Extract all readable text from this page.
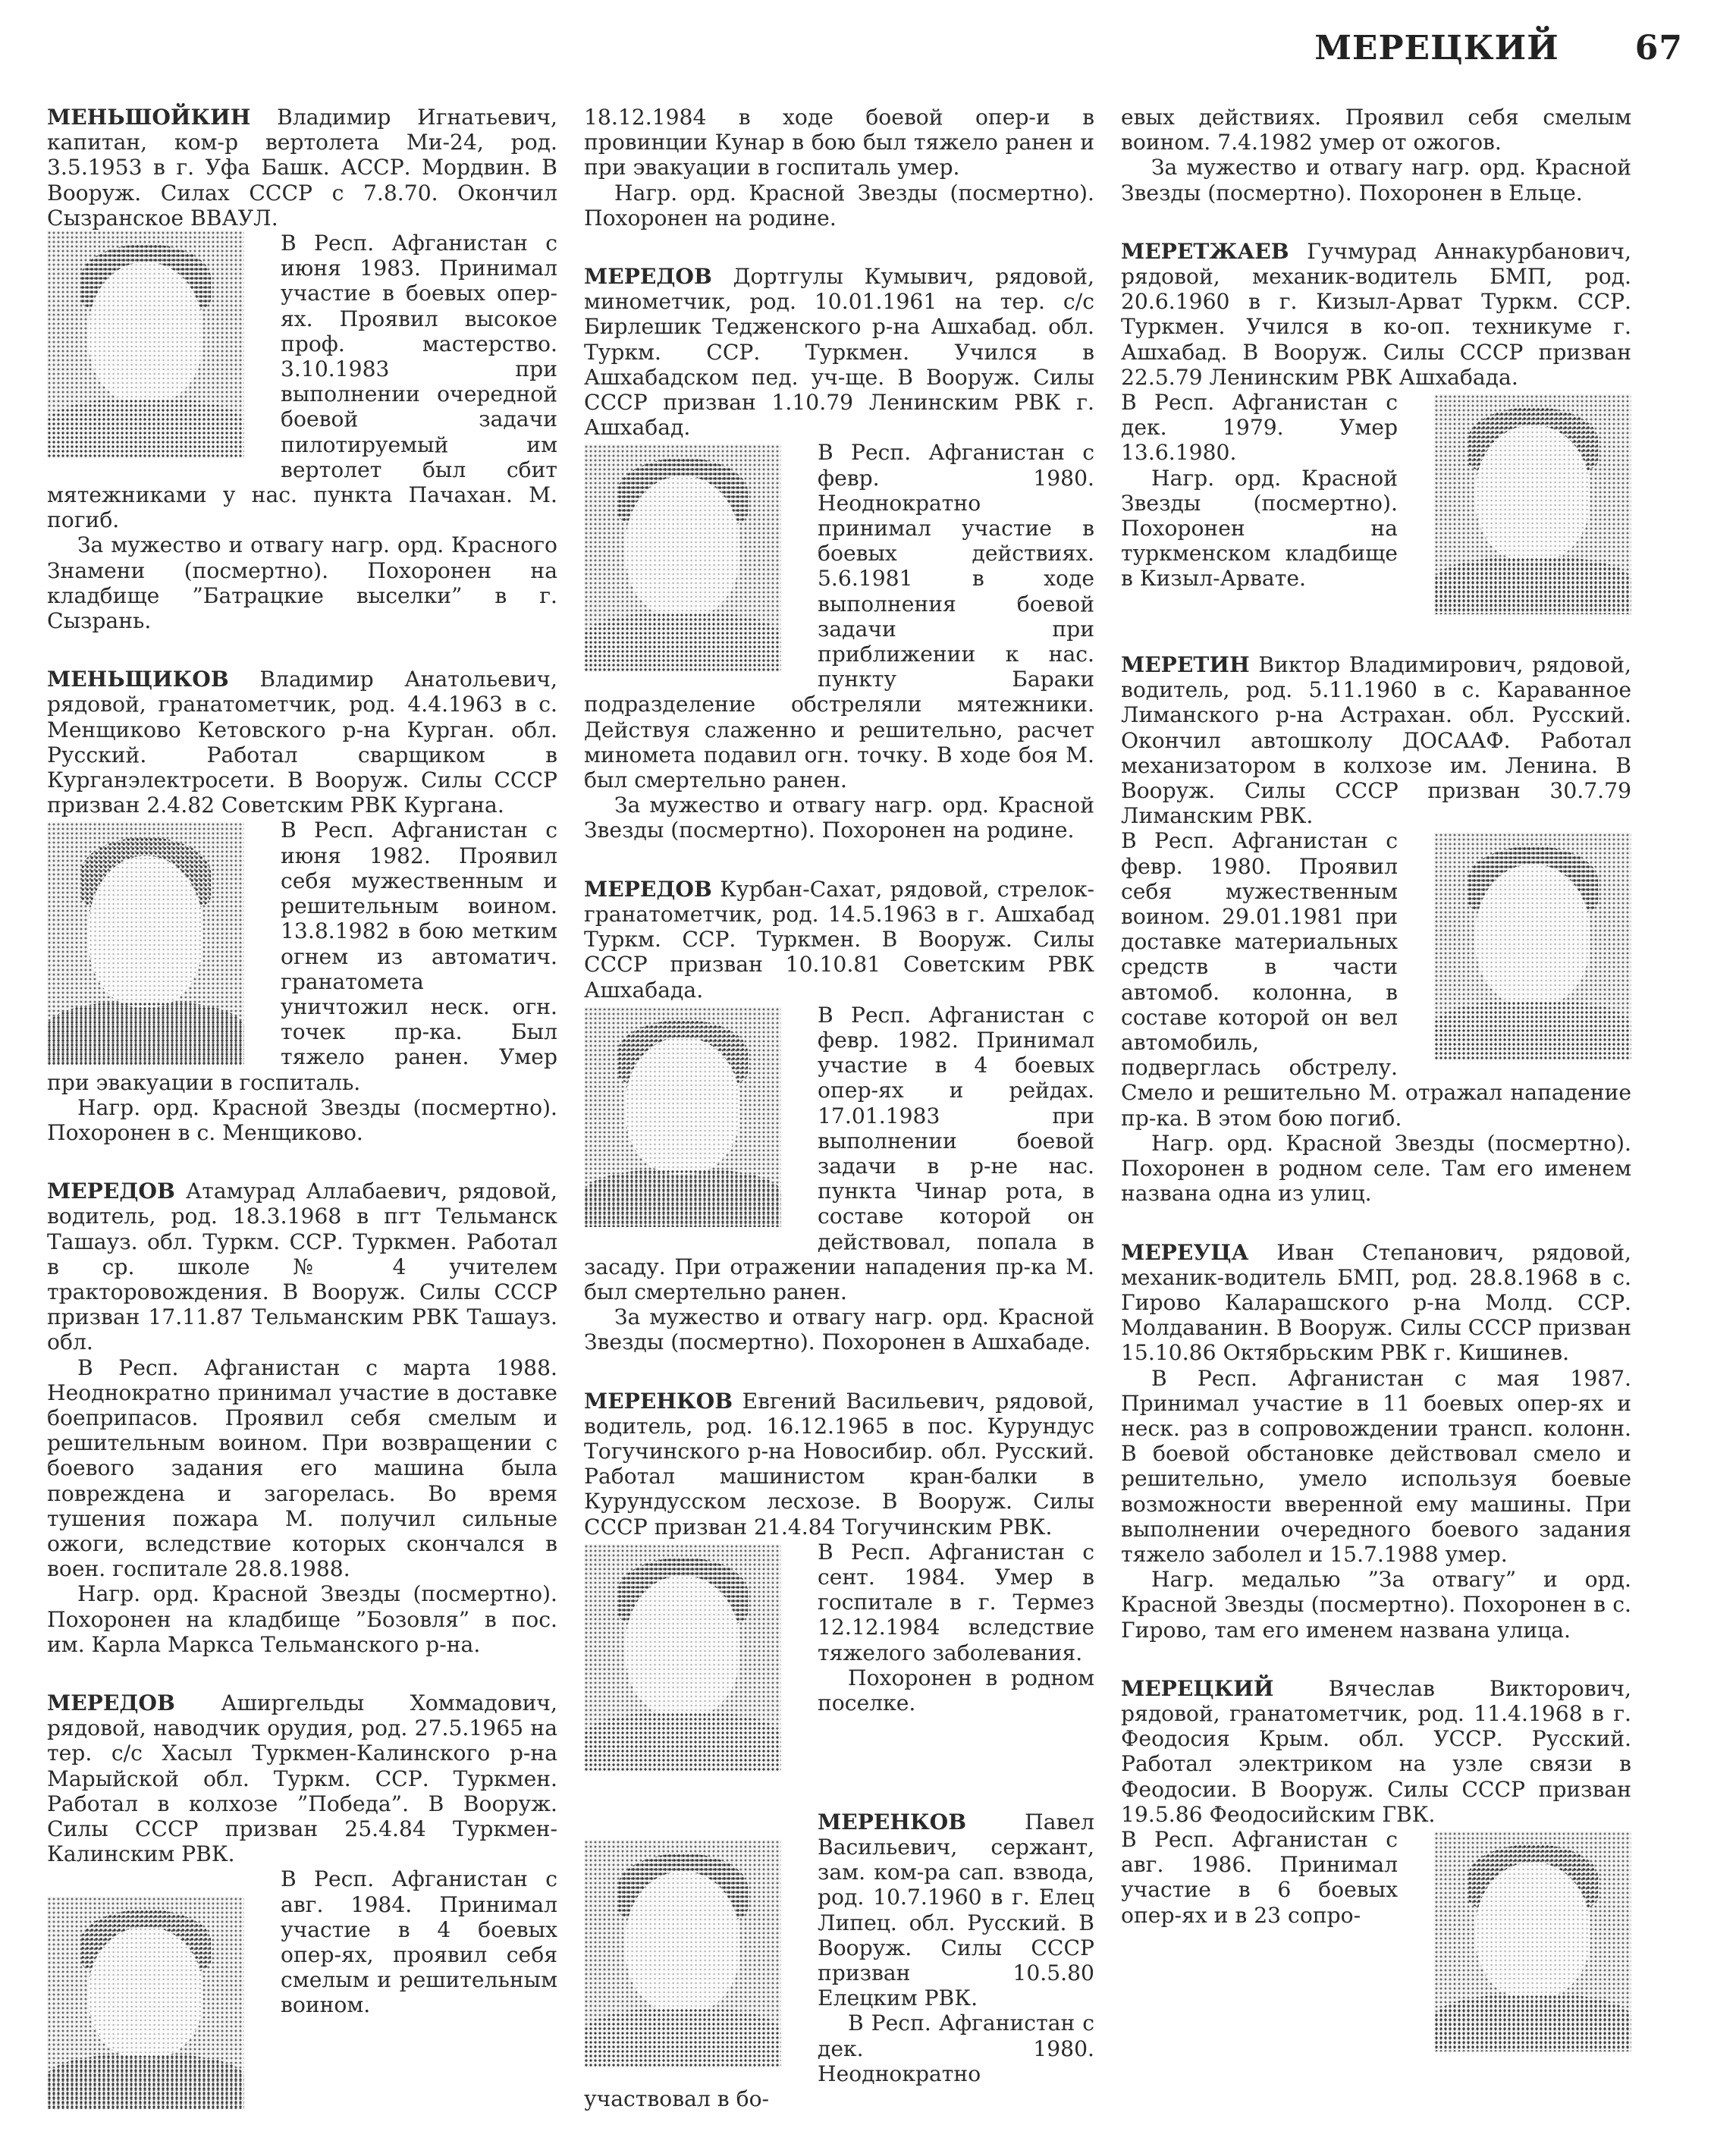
МЕРЕЦКИЙ 67

МЕНЬШОЙКИН Владимир Игнатьевич, капитан, ком-р вертолета Ми-24, род. 3.5.1953 в г. Уфа Башк. АССР. Мордвин. В Вооруж. Силах СССР с 7.8.70. Окончил Сызранское ВВАУЛ.

В Респ. Афганистан с июня 1983. Принимал участие в боевых опер-ях. Проявил высокое проф. мастерство. 3.10.1983 при выполнении очередной боевой задачи пилотируемый им вертолет был сбит мятежниками у нас. пункта Пачахан. М. погиб.

За мужество и отвагу нагр. орд. Красного Знамени (посмертно). Похоронен на кладбище ”Батрацкие выселки” в г. Сызрань.

МЕНЬЩИКОВ Владимир Анатольевич, рядовой, гранатометчик, род. 4.4.1963 в с. Менщиково Кетовского р-на Курган. обл. Русский. Работал сварщиком в Курганэлектросети. В Вооруж. Силы СССР призван 2.4.82 Советским РВК Кургана.

В Респ. Афганистан с июня 1982. Проявил себя мужественным и решительным воином. 13.8.1982 в бою метким огнем из автоматич. гранатомета уничтожил неск. огн. точек пр-ка. Был тяжело ранен. Умер при эвакуации в госпиталь.

Нагр. орд. Красной Звезды (посмертно). Похоронен в с. Менщиково.

МЕРЕДОВ Атамурад Аллабаевич, рядовой, водитель, род. 18.3.1968 в пгт Тельманск Ташауз. обл. Туркм. ССР. Туркмен. Работал в ср. школе № 4 учителем тракторовождения. В Вооруж. Силы СССР призван 17.11.87 Тельманским РВК Ташауз. обл.

В Респ. Афганистан с марта 1988. Неоднократно принимал участие в доставке боеприпасов. Проявил себя смелым и решительным воином. При возвращении с боевого задания его машина была повреждена и загорелась. Во время тушения пожара М. получил сильные ожоги, вследствие которых скончался в воен. госпитале 28.8.1988.

Нагр. орд. Красной Звезды (посмертно). Похоронен на кладбище ”Бозовля” в пос. им. Карла Маркса Тельманского р-на.

МЕРЕДОВ Аширгельды Хоммадович, рядовой, наводчик орудия, род. 27.5.1965 на тер. с/с Хасыл Туркмен-Калинского р-на Марыйской обл. Туркм. ССР. Туркмен. Работал в колхозе ”Победа”. В Вооруж. Силы СССР призван 25.4.84 Туркмен-Калинским РВК.

В Респ. Афганистан с авг. 1984. Принимал участие в 4 боевых опер-ях, проявил себя смелым и решительным воином.

18.12.1984 в ходе боевой опер-и в провинции Кунар в бою был тяжело ранен и при эвакуации в госпиталь умер.

Нагр. орд. Красной Звезды (посмертно). Похоронен на родине.

МЕРЕДОВ Дортгулы Кумывич, рядовой, минометчик, род. 10.01.1961 на тер. с/с Бирлешик Тедженского р-на Ашхабад. обл. Туркм. ССР. Туркмен. Учился в Ашхабадском пед. уч-ще. В Вооруж. Силы СССР призван 1.10.79 Ленинским РВК г. Ашхабад.

В Респ. Афганистан с февр. 1980. Неоднократно принимал участие в боевых действиях. 5.6.1981 в ходе выполнения боевой задачи при приближении к нас. пункту Бараки подразделение обстреляли мятежники. Действуя слаженно и решительно, расчет миномета подавил огн. точку. В ходе боя М. был смертельно ранен.

За мужество и отвагу нагр. орд. Красной Звезды (посмертно). Похоронен на родине.

МЕРЕДОВ Курбан-Сахат, рядовой, стрелок-гранатометчик, род. 14.5.1963 в г. Ашхабад Туркм. ССР. Туркмен. В Вооруж. Силы СССР призван 10.10.81 Советским РВК Ашхабада.

В Респ. Афганистан с февр. 1982. Принимал участие в 4 боевых опер-ях и рейдах. 17.01.1983 при выполнении боевой задачи в р-не нас. пункта Чинар рота, в составе которой он действовал, попала в засаду. При отражении нападения пр-ка М. был смертельно ранен.

За мужество и отвагу нагр. орд. Красной Звезды (посмертно). Похоронен в Ашхабаде.

МЕРЕНКОВ Евгений Васильевич, рядовой, водитель, род. 16.12.1965 в пос. Курундус Тогучинского р-на Новосибир. обл. Русский. Работал машинистом кран-балки в Курундусском лесхозе. В Вооруж. Силы СССР призван 21.4.84 Тогучинским РВК.

В Респ. Афганистан с сент. 1984. Умер в госпитале в г. Термез 12.12.1984 вследствие тяжелого заболевания.

Похоронен в родном поселке.

МЕРЕНКОВ	Павел Васильевич, сержант, зам. ком-ра сап. взвода, род. 10.7.1960 в г. Елец Липец. обл. Русский. В Вооруж. Силы СССР призван 10.5.80 Елецким РВК.

В Респ. Афганистан с дек. 1980. Неоднократно участвовал в бо-

евых действиях. Проявил себя смелым воином. 7.4.1982 умер от ожогов.

За мужество и отвагу нагр. орд. Красной Звезды (посмертно). Похоронен в Ельце.

МЕРЕТЖАЕВ Гучмурад Аннакурбанович, рядовой, механик-водитель БМП, род. 20.6.1960 в г. Кизыл-Арват Туркм. ССР. Туркмен. Учился в ко-оп. техникуме г. Ашхабад. В Вооруж. Силы СССР призван 22.5.79 Ленинским РВК Ашхабада.

В Респ. Афганистан с дек. 1979. Умер 13.6.1980.

Нагр. орд. Красной Звезды (посмертно). Похоронен на туркменском кладбище в Кизыл-Арвате.

МЕРЕТИН Виктор Владимирович, рядовой, водитель, род. 5.11.1960 в с. Караванное Лиманского р-на Астрахан. обл. Русский. Окончил автошколу ДОСААФ. Работал механизатором в колхозе им. Ленина. В Вооруж. Силы СССР призван 30.7.79 Лиманским РВК.

В Респ. Афганистан с февр. 1980. Проявил себя мужественным воином. 29.01.1981 при доставке материальных средств в части автомоб. колонна, в составе которой он вел автомобиль, подверглась обстрелу. Смело и решительно М. отражал нападение пр-ка. В этом бою погиб.

Нагр. орд. Красной Звезды (посмертно). Похоронен в родном селе. Там его именем названа одна из улиц.

МЕРЕУЦА Иван Степанович, рядовой, механик-водитель БМП, род. 28.8.1968 в с. Гирово Каларашского р-на Молд. ССР. Молдаванин. В Вооруж. Силы СССР призван 15.10.86 Октябрьским РВК г. Кишинев.

В Респ. Афганистан с мая 1987. Принимал участие в 11 боевых опер-ях и неск. раз в сопровождении трансп. колонн. В боевой обстановке действовал смело и решительно, умело используя боевые возможности вверенной ему машины. При выполнении очередного боевого задания тяжело заболел и 15.7.1988 умер.

Нагр. медалью ”За отвагу” и орд. Красной Звезды (посмертно). Похоронен в с. Гирово, там его именем названа улица.

МЕРЕЦКИЙ	Вячеслав Викторович, рядовой, гранатометчик, род. 11.4.1968 в г. Феодосия Крым. обл. УССР. Русский. Работал электриком на узле связи в Феодосии. В Вооруж. Силы СССР призван 19.5.86 Феодосийским ГВК.

В Респ. Афганистан с авг. 1986. Принимал участие в 6 боевых опер-ях и в 23 сопро-
